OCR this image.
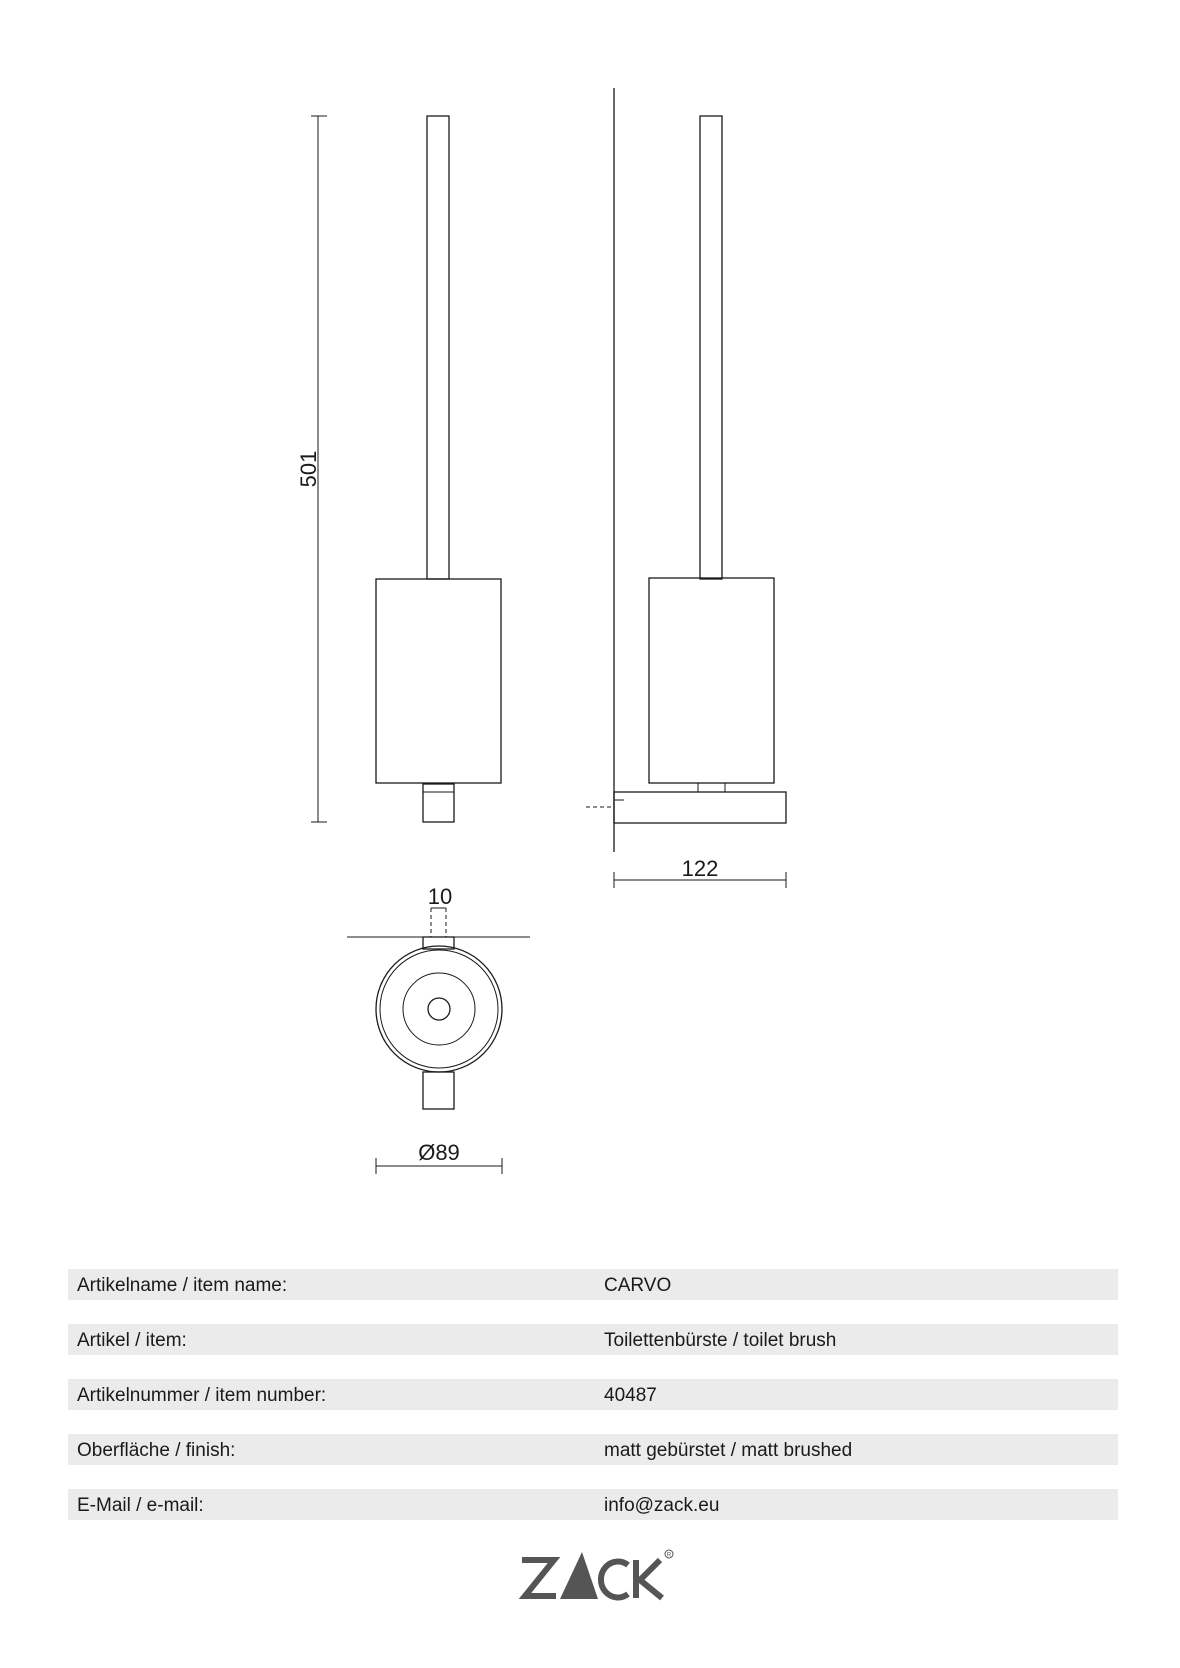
501
122
10
Ø89
Artikelname / item name:	CARVO
Artikel / item:	Toilettenbürste / toilet brush
Artikelnummer / item number:	40487
Oberfläche / finish:	matt gebürstet / matt brushed
E-Mail / e-mail:	info@zack.eu
R
